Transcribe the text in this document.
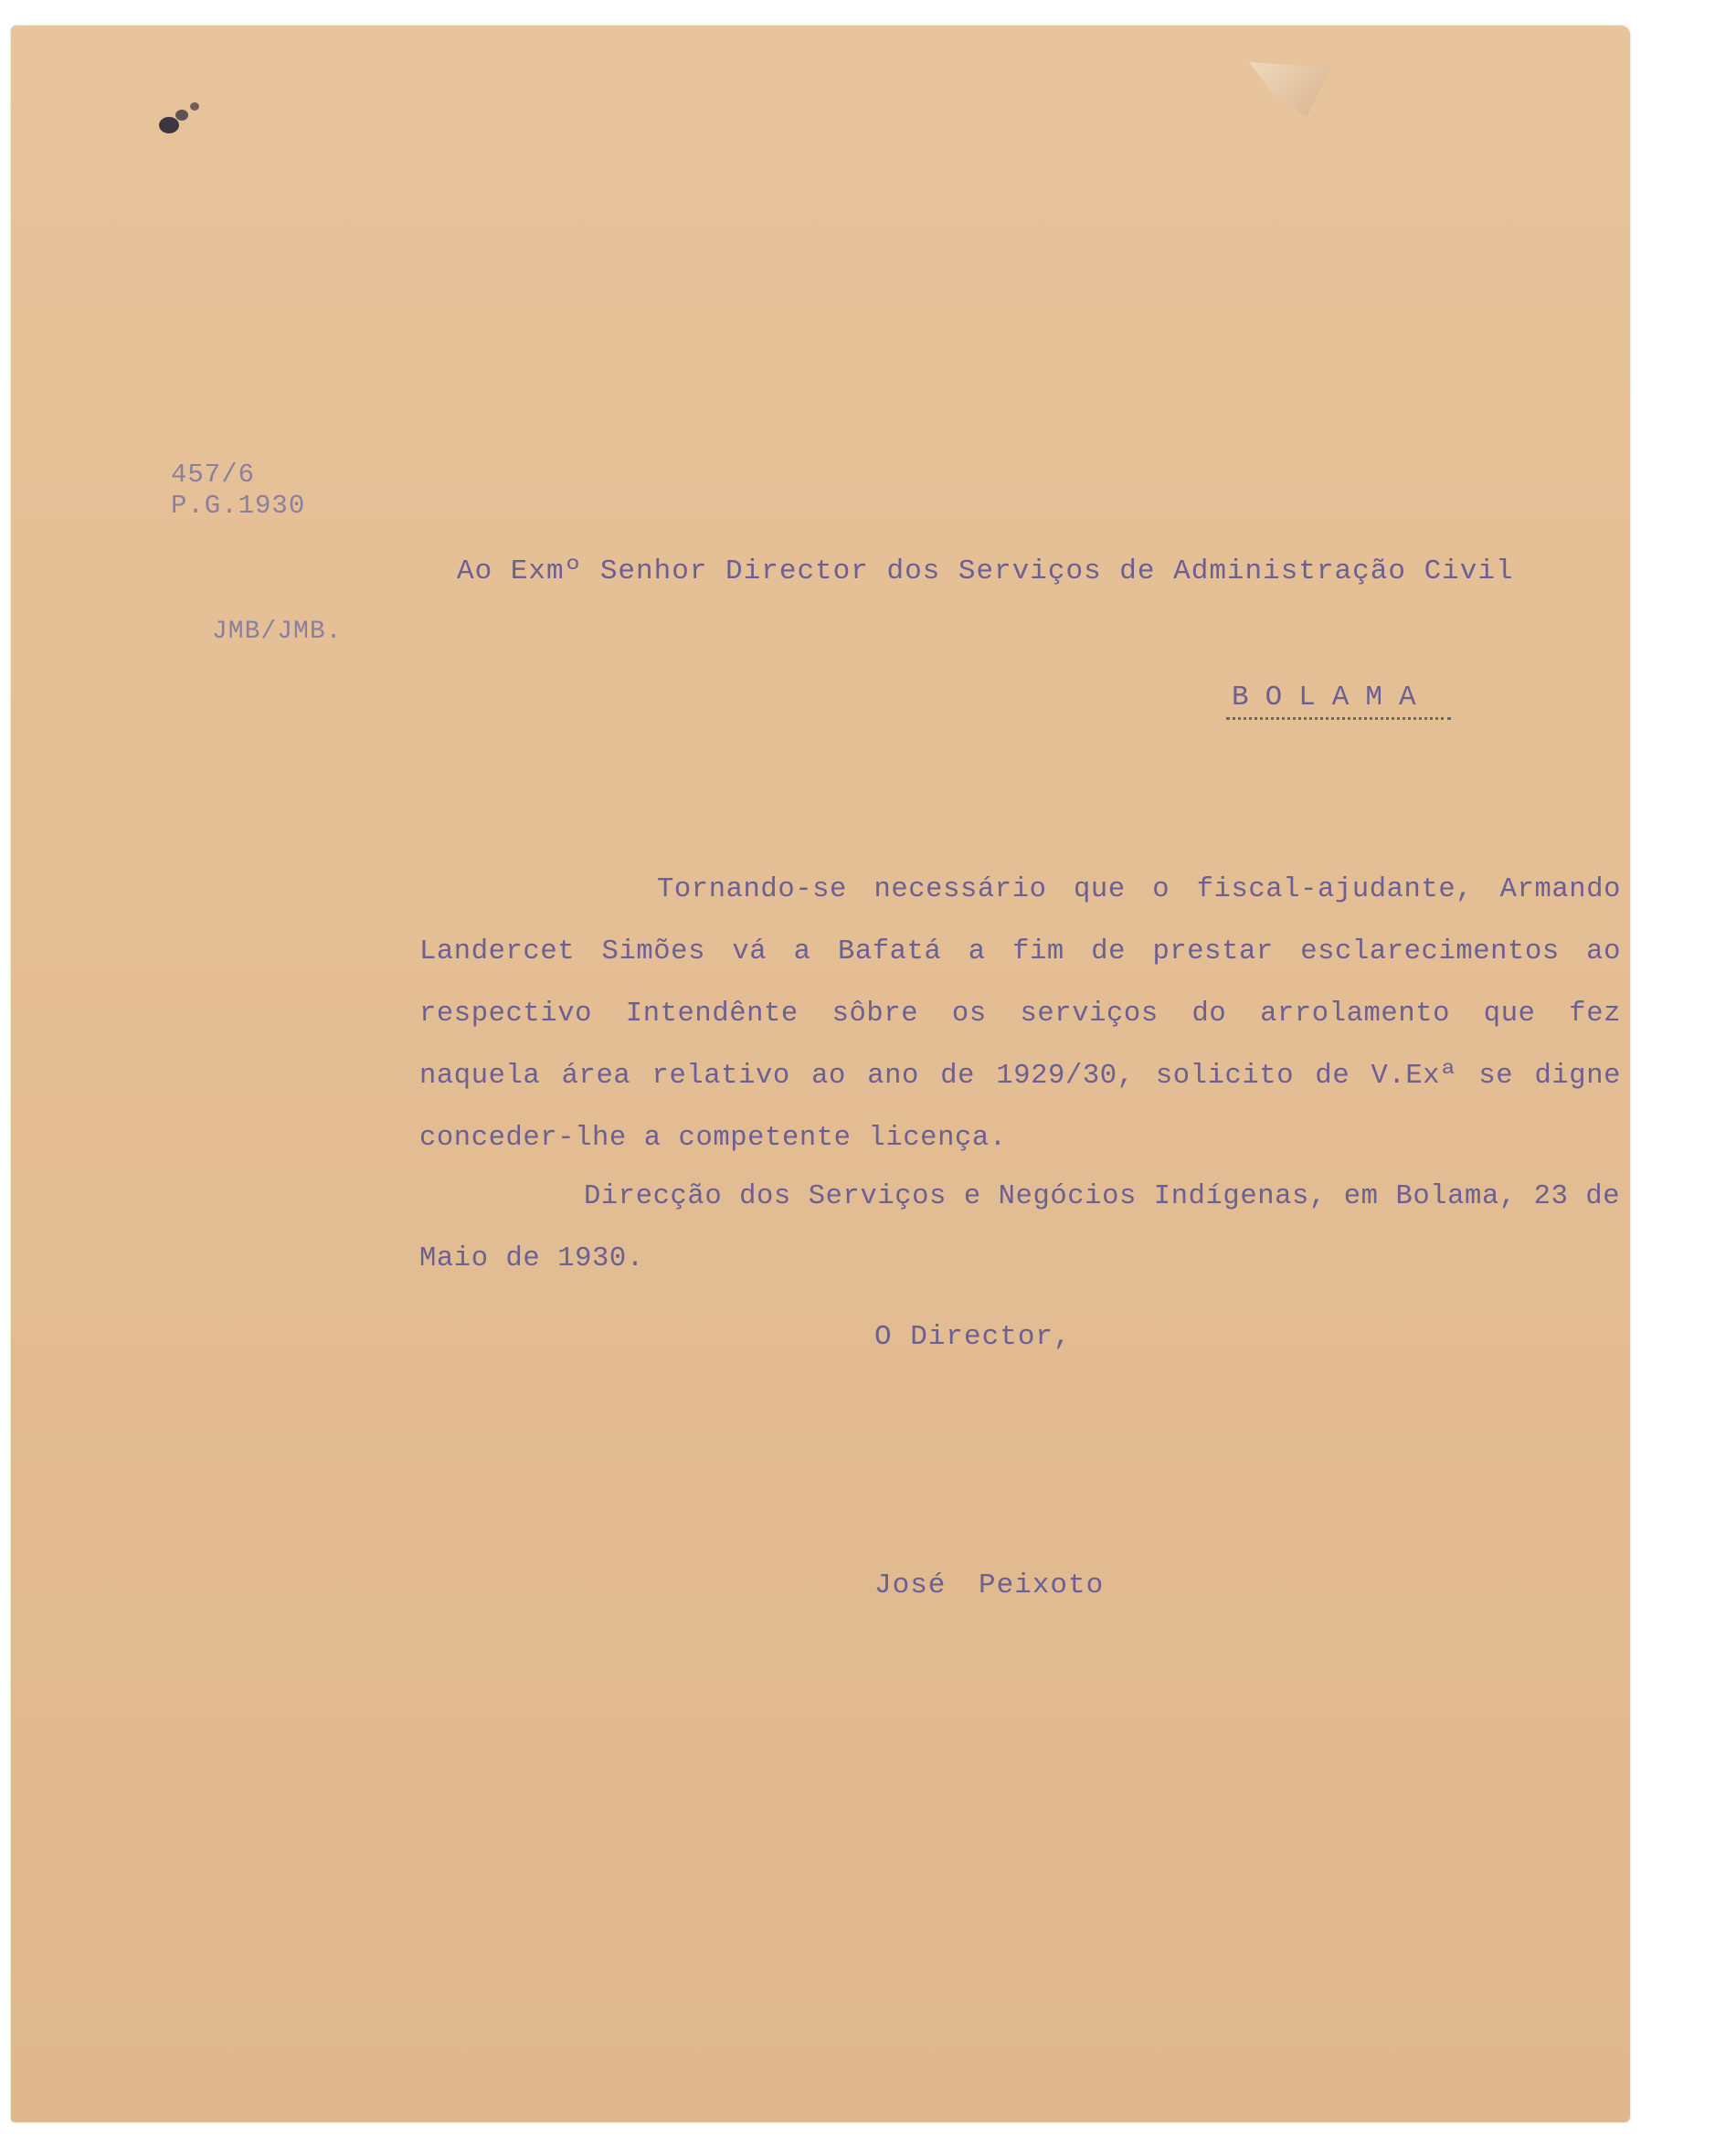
457/6
P.G.1930
JMB/JMB.
Ao Exmº Senhor Director dos Serviços de Administração Civil
BOLAMA
Tornando-se necessário que o fiscal-ajudante, Armando Landercet Simões vá a Bafatá a fim de prestar esclarecimentos ao respectivo Intendênte sôbre os serviços do arrolamento que fez naquela área relativo ao ano de 1929/30, solicito de V.Exª se digne conceder-lhe a competente licença.
Direcção dos Serviços e Negócios Indígenas, em Bolama, 23 de Maio de 1930.
O Director,
José Peixoto
